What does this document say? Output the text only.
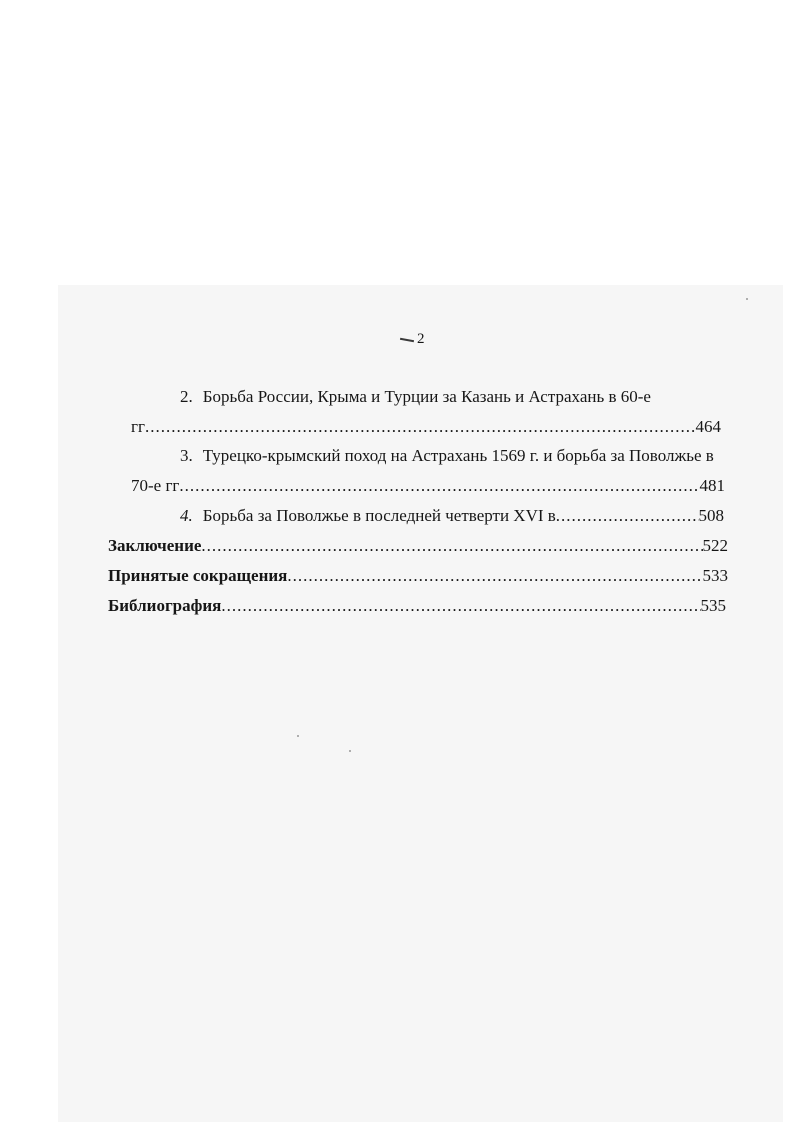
2
2. Борьба России, Крыма и Турции за Казань и Астрахань в 60-е
гг .....	464
3. Турецко-крымский поход на Астрахань 1569 г. и борьба за Поволжье в
70-е гг .....	481
4. Борьба за Поволжье в последней четверти XVI в .....	508
Заключение .....	522
Принятые сокращения .....	533
Библиография .....	535
